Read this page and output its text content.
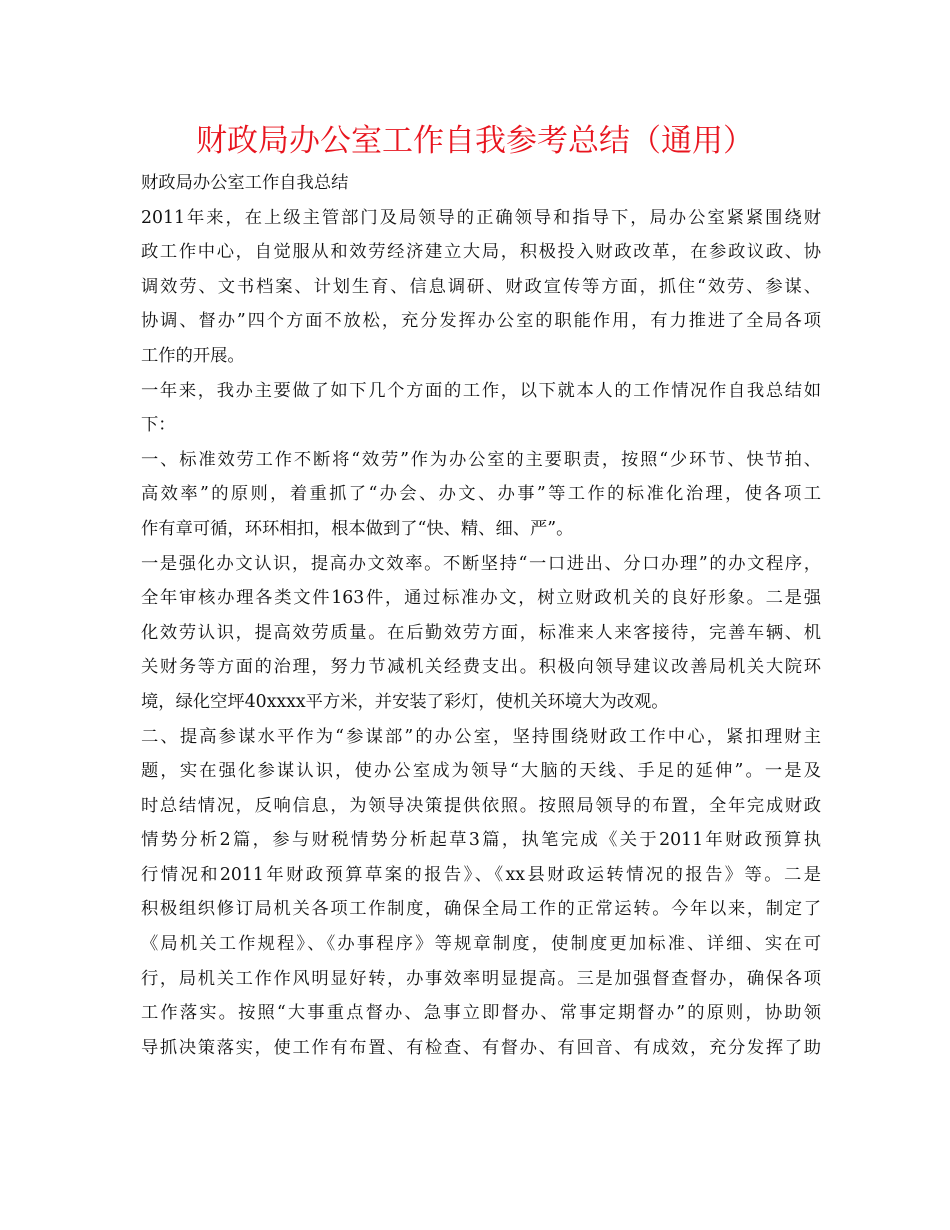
财政局办公室工作自我参考总结（通用）
财政局办公室工作自我总结
2011年来，在上级主管部门及局领导的正确领导和指导下，局办公室紧紧围绕财
政工作中心，自觉服从和效劳经济建立大局，积极投入财政改革，在参政议政、协
调效劳、文书档案、计划生育、信息调研、财政宣传等方面，抓住“效劳、参谋、
协调、督办”四个方面不放松，充分发挥办公室的职能作用，有力推进了全局各项
工作的开展。
一年来，我办主要做了如下几个方面的工作，以下就本人的工作情况作自我总结如
下：
一、标准效劳工作不断将“效劳”作为办公室的主要职责，按照“少环节、快节拍、
高效率”的原则，着重抓了“办会、办文、办事”等工作的标准化治理，使各项工
作有章可循，环环相扣，根本做到了“快、精、细、严”。
一是强化办文认识，提高办文效率。不断坚持“一口进出、分口办理”的办文程序，
全年审核办理各类文件163件，通过标准办文，树立财政机关的良好形象。二是强
化效劳认识，提高效劳质量。在后勤效劳方面，标准来人来客接待，完善车辆、机
关财务等方面的治理，努力节减机关经费支出。积极向领导建议改善局机关大院环
境，绿化空坪40xxxx平方米，并安装了彩灯，使机关环境大为改观。
二、提高参谋水平作为“参谋部”的办公室，坚持围绕财政工作中心，紧扣理财主
题，实在强化参谋认识，使办公室成为领导“大脑的天线、手足的延伸”。一是及
时总结情况，反响信息，为领导决策提供依照。按照局领导的布置，全年完成财政
情势分析2篇，参与财税情势分析起草3篇，执笔完成《关于2011年财政预算执
行情况和2011年财政预算草案的报告》、《xx县财政运转情况的报告》等。二是
积极组织修订局机关各项工作制度，确保全局工作的正常运转。今年以来，制定了
《局机关工作规程》、《办事程序》等规章制度，使制度更加标准、详细、实在可
行，局机关工作作风明显好转，办事效率明显提高。三是加强督查督办，确保各项
工作落实。按照“大事重点督办、急事立即督办、常事定期督办”的原则，协助领
导抓决策落实，使工作有布置、有检查、有督办、有回音、有成效，充分发挥了助
